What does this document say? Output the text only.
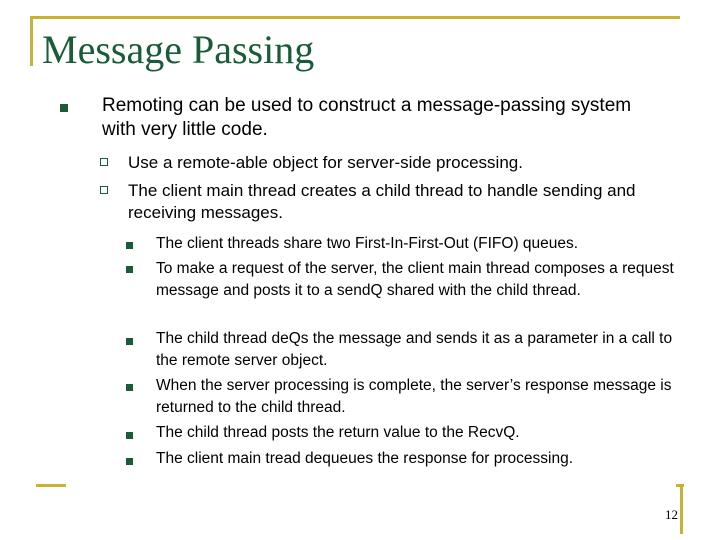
Message Passing
Remoting can be used to construct a message-passing system with very little code.
Use a remote-able object for server-side processing.
The client main thread creates a child thread to handle sending and receiving messages.
The client threads share two First-In-First-Out (FIFO) queues.
To make a request of the server, the client main thread composes a request message and posts it to a sendQ shared with the child thread.
The child thread deQs the message and sends it as a parameter in a call to the remote server object.
When the server processing is complete, the server’s response message is returned to the child thread.
The child thread posts the return value to the RecvQ.
The client main tread dequeues the response for processing.
12
